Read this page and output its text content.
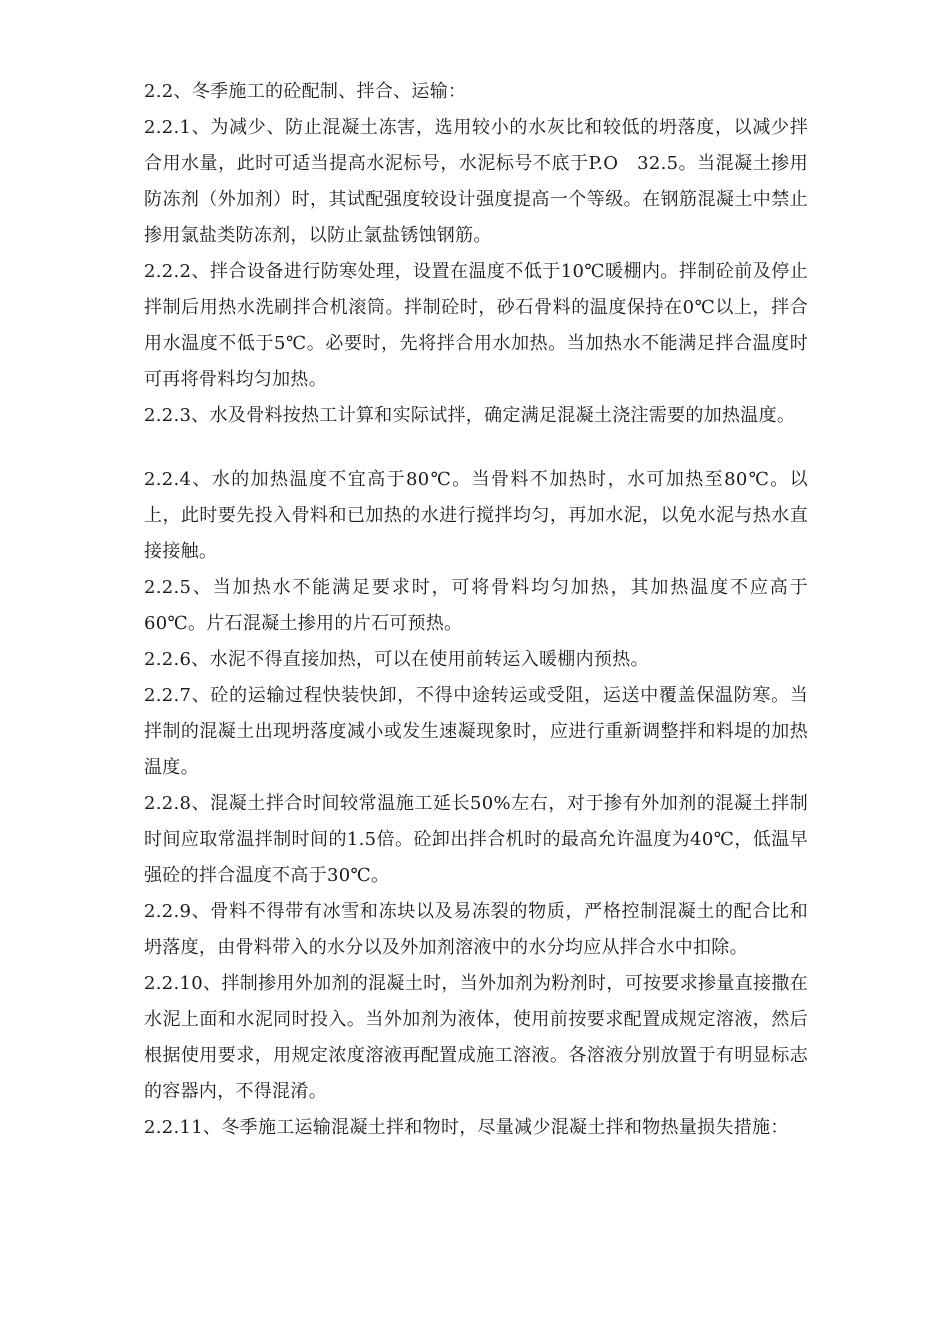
2.2、冬季施工的砼配制、拌合、运输：

2.2.1、为减少、防止混凝土冻害，选用较小的水灰比和较低的坍落度，以减少拌合用水量，此时可适当提高水泥标号，水泥标号不底于P.O　32.5。当混凝土掺用防冻剂（外加剂）时，其试配强度较设计强度提高一个等级。在钢筋混凝土中禁止掺用氯盐类防冻剂，以防止氯盐锈蚀钢筋。

2.2.2、拌合设备进行防寒处理，设置在温度不低于10℃暖棚内。拌制砼前及停止拌制后用热水洗刷拌合机滚筒。拌制砼时，砂石骨料的温度保持在0℃以上，拌合用水温度不低于5℃。必要时，先将拌合用水加热。当加热水不能满足拌合温度时可再将骨料均匀加热。

2.2.3、水及骨料按热工计算和实际试拌，确定满足混凝土浇注需要的加热温度。

2.2.4、水的加热温度不宜高于80℃。当骨料不加热时，水可加热至80℃。以上，此时要先投入骨料和已加热的水进行搅拌均匀，再加水泥，以免水泥与热水直接接触。

2.2.5、当加热水不能满足要求时，可将骨料均匀加热，其加热温度不应高于60℃。片石混凝土掺用的片石可预热。

2.2.6、水泥不得直接加热，可以在使用前转运入暖棚内预热。

2.2.7、砼的运输过程快装快卸，不得中途转运或受阻，运送中覆盖保温防寒。当拌制的混凝土出现坍落度减小或发生速凝现象时，应进行重新调整拌和料堤的加热温度。

2.2.8、混凝土拌合时间较常温施工延长50%左右，对于掺有外加剂的混凝土拌制时间应取常温拌制时间的1.5倍。砼卸出拌合机时的最高允许温度为40℃，低温早强砼的拌合温度不高于30℃。

2.2.9、骨料不得带有冰雪和冻块以及易冻裂的物质，严格控制混凝土的配合比和坍落度，由骨料带入的水分以及外加剂溶液中的水分均应从拌合水中扣除。

2.2.10、拌制掺用外加剂的混凝土时，当外加剂为粉剂时，可按要求掺量直接撒在水泥上面和水泥同时投入。当外加剂为液体，使用前按要求配置成规定溶液，然后根据使用要求，用规定浓度溶液再配置成施工溶液。各溶液分别放置于有明显标志的容器内，不得混淆。

2.2.11、冬季施工运输混凝土拌和物时，尽量减少混凝土拌和物热量损失措施：
